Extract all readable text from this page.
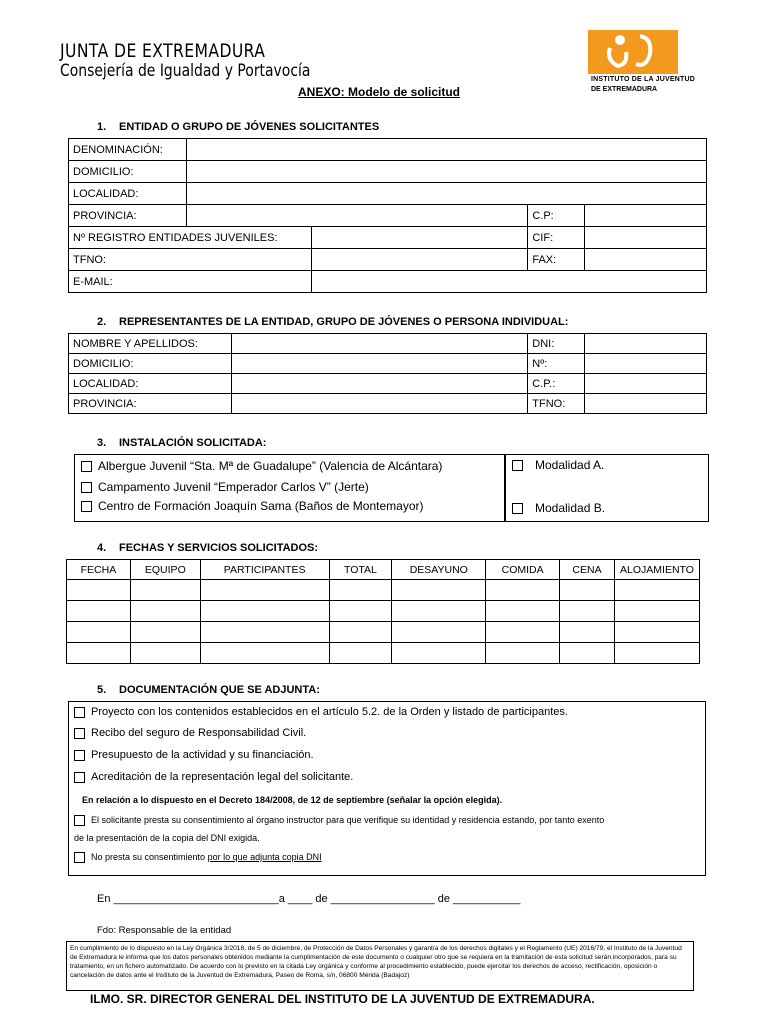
JUNTA DE EXTREMADURA
Consejería de Igualdad y Portavocía	INSTITUTO DE LA JUVENTUD
DE EXTREMADURA
ANEXO: Modelo de solicitud
1. ENTIDAD O GRUPO DE JÓVENES SOLICITANTES
DENOMINACIÓN:				
DOMICILIO:				
LOCALIDAD:				
PROVINCIA:			C.P:	
Nº REGISTRO ENTIDADES JUVENILES:			CIF:	
TFNO:			FAX:	
E-MAIL:				
2. REPRESENTANTES DE LA ENTIDAD, GRUPO DE JÓVENES O PERSONA INDIVIDUAL:
NOMBRE Y APELLIDOS:		DNI:	
DOMICILIO:		Nº:	
LOCALIDAD:		C.P.:	
PROVINCIA:		TFNO:	
3. INSTALACIÓN SOLICITADA:
Albergue Juvenil “Sta. Mª de Guadalupe” (Valencia de Alcántara)
Campamento Juvenil “Emperador Carlos V” (Jerte)
Centro de Formación Joaquín Sama (Baños de Montemayor)
Modalidad A.
Modalidad B.
4. FECHAS Y SERVICIOS SOLICITADOS:
FECHA	EQUIPO	PARTICIPANTES	TOTAL	DESAYUNO	COMIDA	CENA	ALOJAMIENTO

5. DOCUMENTACIÓN QUE SE ADJUNTA:
Proyecto con los contenidos establecidos en el artículo 5.2. de la Orden y listado de participantes.
Recibo del seguro de Responsabilidad Civil.
Presupuesto de la actividad y su financiación.
Acreditación de la representación legal del solicitante.
En relación a lo dispuesto en el Decreto 184/2008, de 12 de septiembre (señalar la opción elegida).
El solicitante presta su consentimiento al órgano instructor para que verifique su identidad y residencia estando, por tanto exento
de la presentación de la copia del DNI exigida.
No presta su consentimiento por lo que adjunta copia DNI
En ___________________________a ____ de _________________ de ___________
Fdo: Responsable de la entidad
En cumplimiento de lo dispuesto en la Ley Orgánica 3/2018, de 5 de diciembre, de Protección de Datos Personales y garantía de los derechos digitales y el Reglamento (UE) 2016/79, el Instituto de la Juventud de Extremadura le informa que los datos personales obtenidos mediante la cumplimentación de este documento o cualquier otro que se requiera en la tramitación de esta solicitud serán incorporados, para su tratamiento, en un fichero automatizado. De acuerdo con lo previsto en la citada Ley orgánica y conforme al procedimiento establecido, puede ejercitar los derechos de acceso, rectificación, oposición o cancelación de datos ante el Instituto de la Juventud de Extremadura, Paseo de Roma, s/n, 06800 Mérida (Badajoz)
ILMO. SR. DIRECTOR GENERAL DEL INSTITUTO DE LA JUVENTUD DE EXTREMADURA.
